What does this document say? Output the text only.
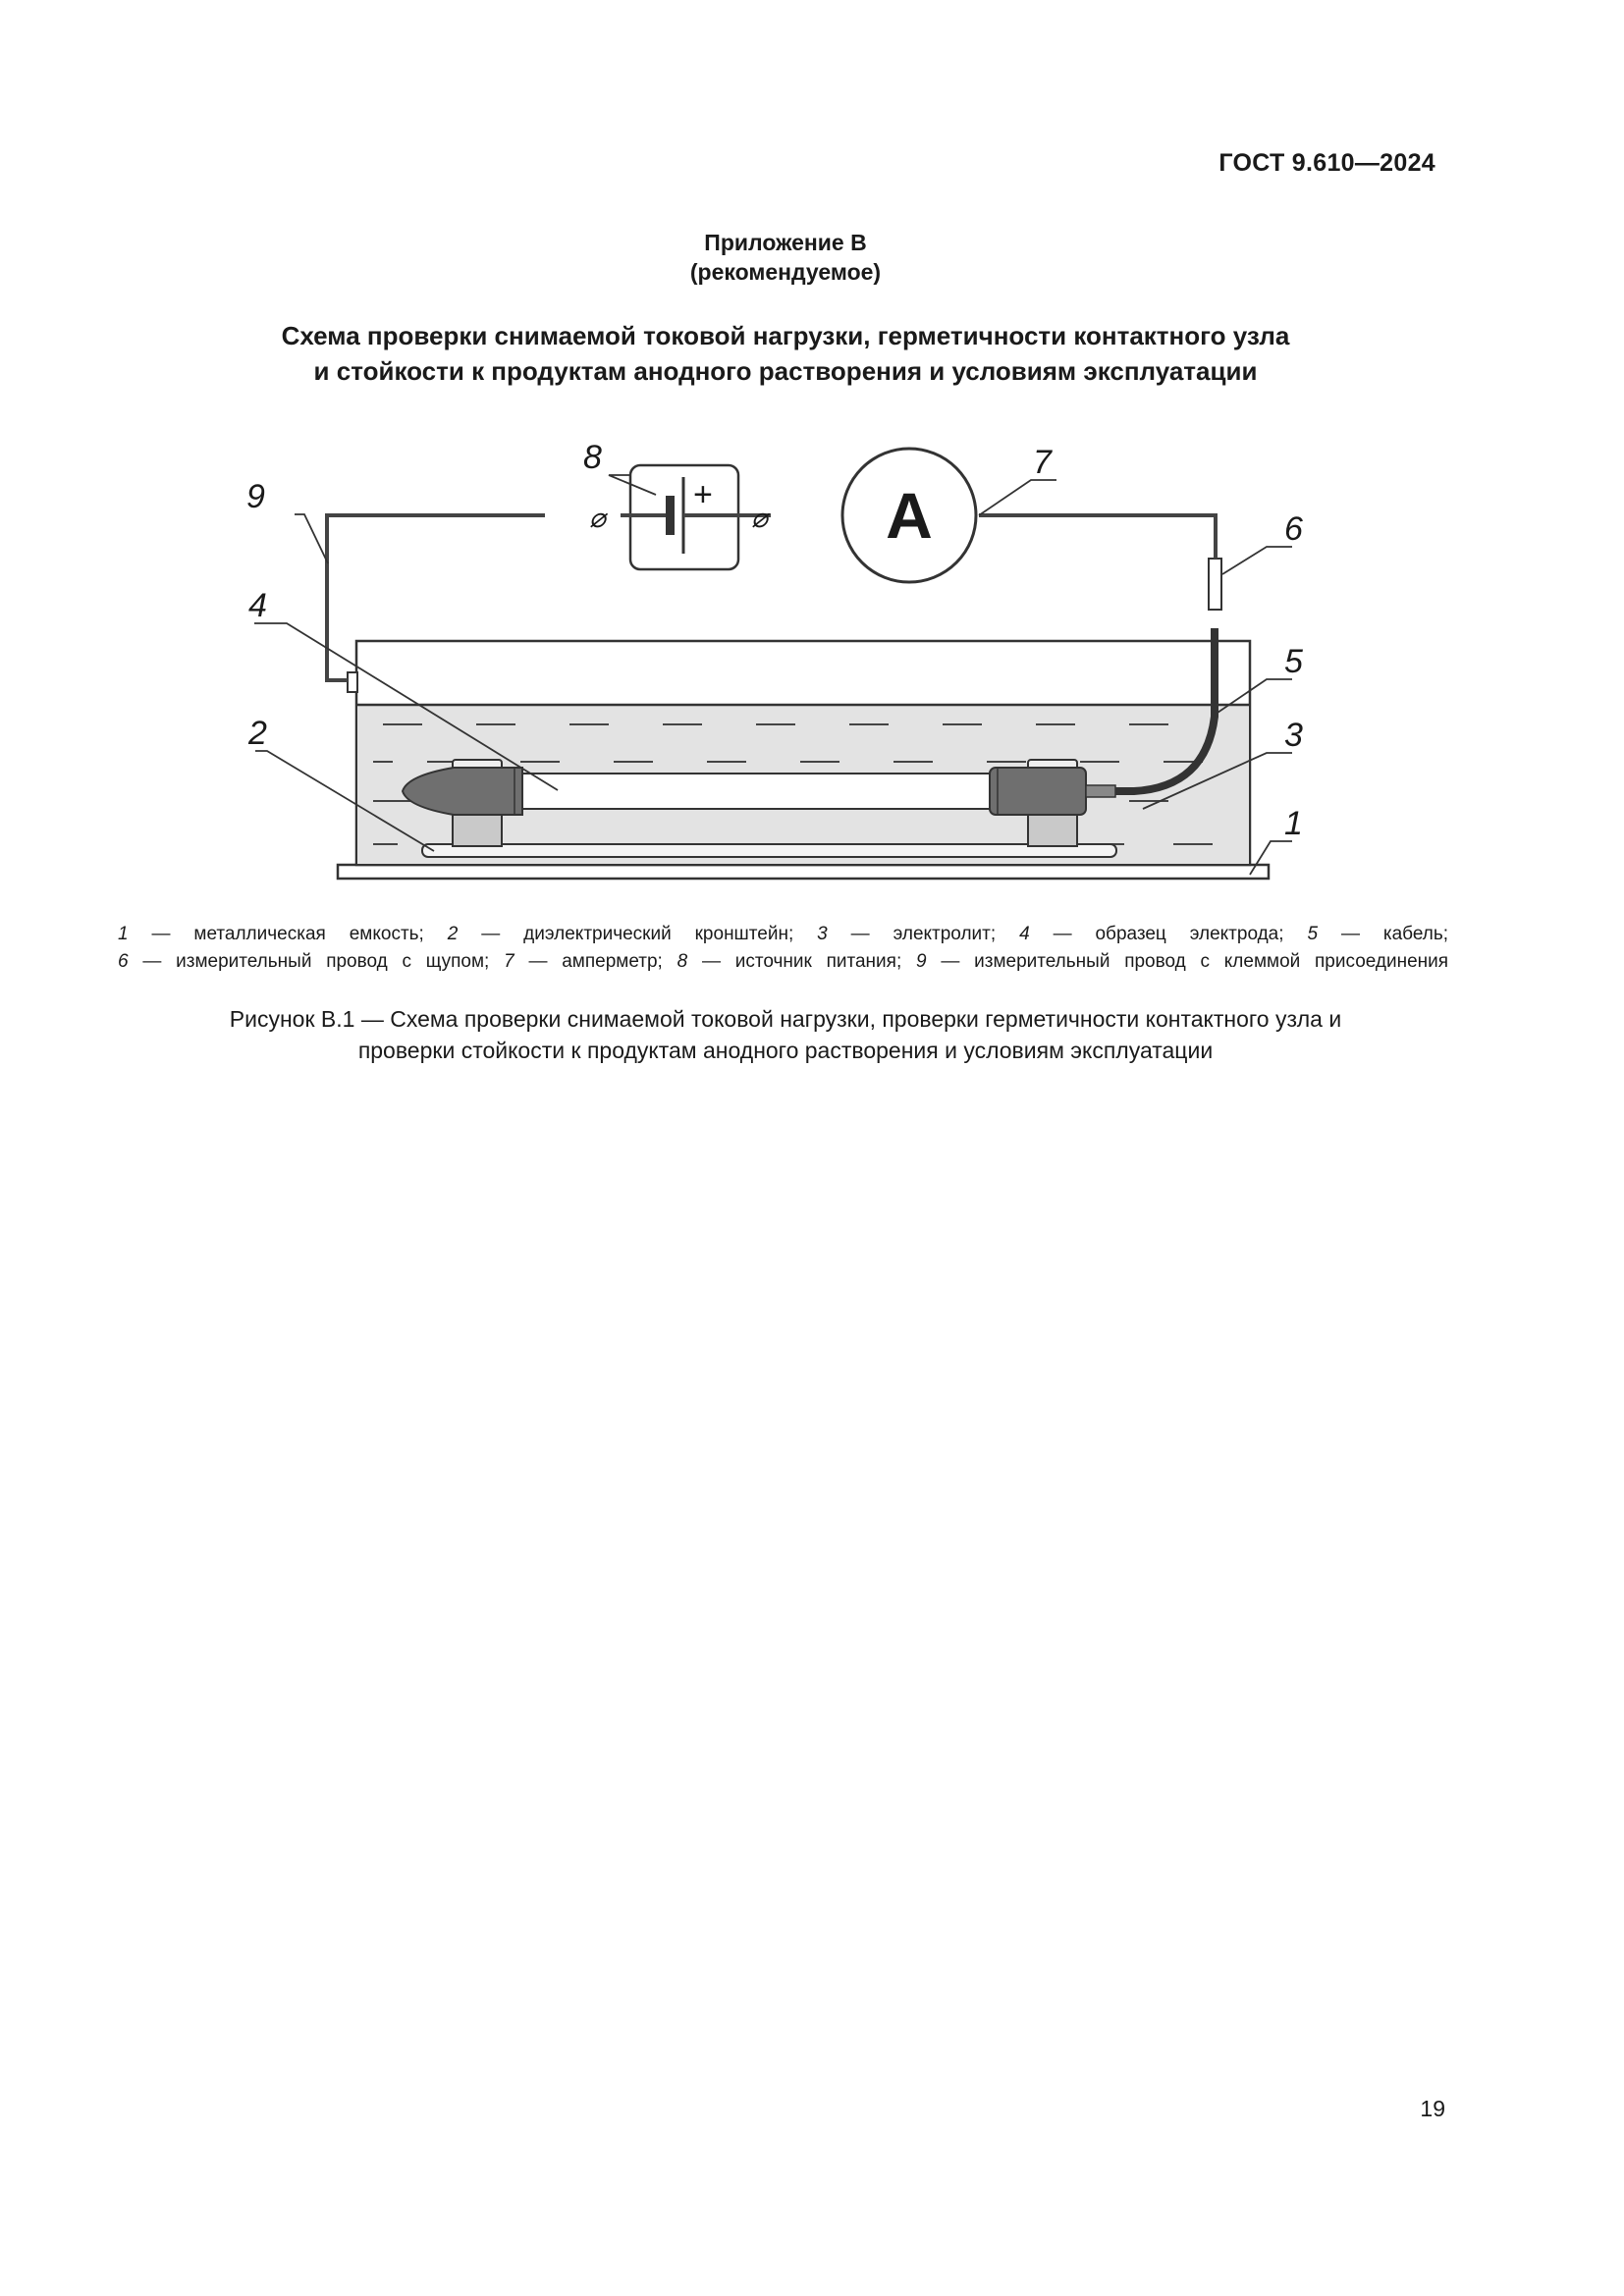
ГОСТ 9.610—2024
Приложение В
(рекомендуемое)
Схема проверки снимаемой токовой нагрузки, герметичности контактного узла
и стойкости к продуктам анодного растворения и условиям эксплуатации
+
⌀	⌀ A
1
2	3
4
5
6
7
8
9
1 — металлическая емкость; 2 — диэлектрический кронштейн; 3 — электролит; 4 — образец электрода; 5 — кабель;
6 — измерительный провод с щупом; 7 — амперметр; 8 — источник питания; 9 — измерительный провод с клеммой присоединения
Рисунок В.1 — Схема проверки снимаемой токовой нагрузки, проверки герметичности контактного узла и
проверки стойкости к продуктам анодного растворения и условиям эксплуатации
19
